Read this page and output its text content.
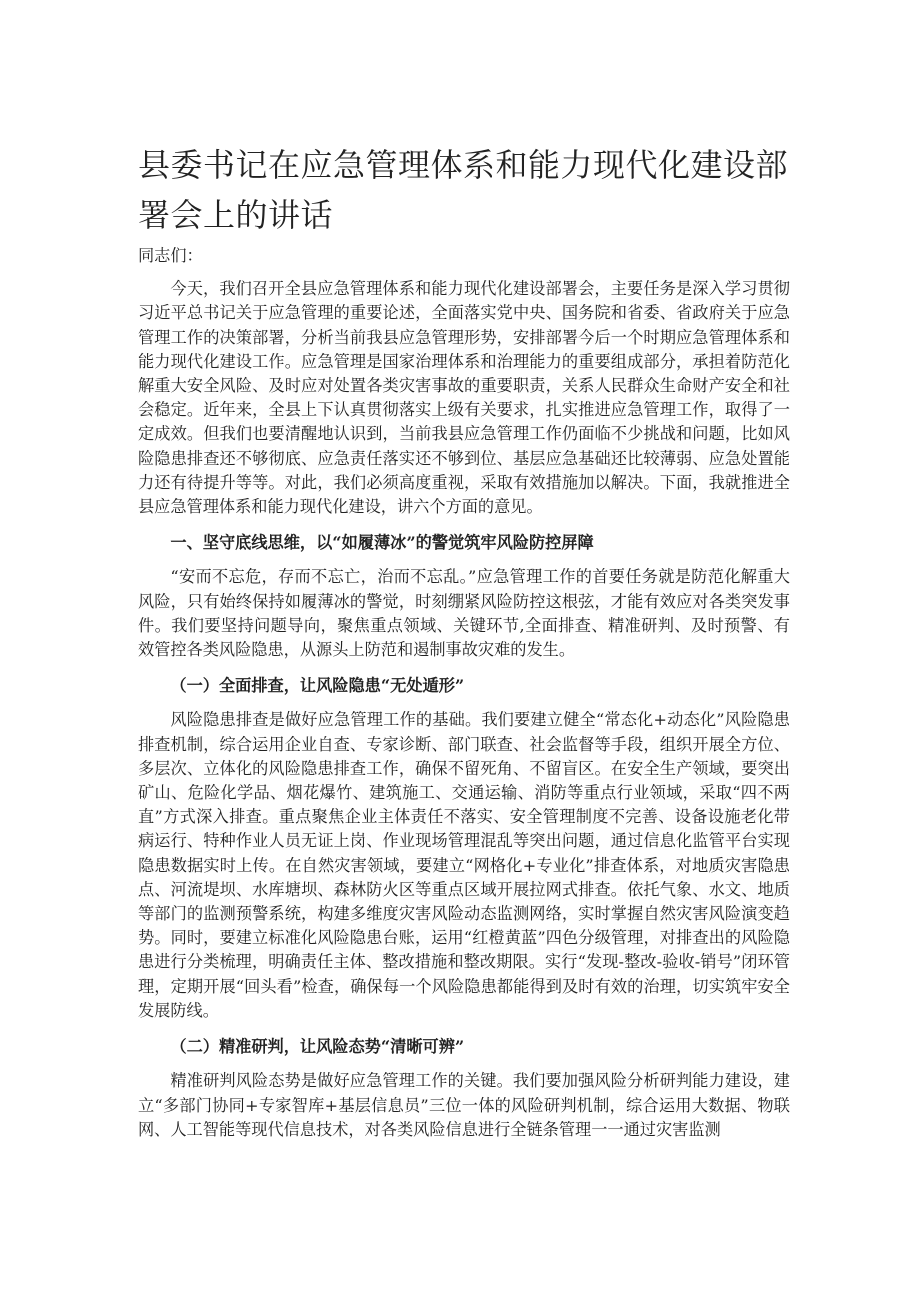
县委书记在应急管理体系和能力现代化建设部署会上的讲话

同志们：

今天，我们召开全县应急管理体系和能力现代化建设部署会，主要任务是深入学习贯彻习近平总书记关于应急管理的重要论述，全面落实党中央、国务院和省委、省政府关于应急管理工作的决策部署，分析当前我县应急管理形势，安排部署今后一个时期应急管理体系和能力现代化建设工作。应急管理是国家治理体系和治理能力的重要组成部分，承担着防范化解重大安全风险、及时应对处置各类灾害事故的重要职责，关系人民群众生命财产安全和社会稳定。近年来，全县上下认真贯彻落实上级有关要求，扎实推进应急管理工作，取得了一定成效。但我们也要清醒地认识到，当前我县应急管理工作仍面临不少挑战和问题，比如风险隐患排查还不够彻底、应急责任落实还不够到位、基层应急基础还比较薄弱、应急处置能力还有待提升等等。对此，我们必须高度重视，采取有效措施加以解决。下面，我就推进全县应急管理体系和能力现代化建设，讲六个方面的意见。

一、坚守底线思维，以“如履薄冰”的警觉筑牢风险防控屏障

“安而不忘危，存而不忘亡，治而不忘乱。”应急管理工作的首要任务就是防范化解重大风险，只有始终保持如履薄冰的警觉，时刻绷紧风险防控这根弦，才能有效应对各类突发事件。我们要坚持问题导向，聚焦重点领域、关键环节,全面排查、精准研判、及时预警、有效管控各类风险隐患，从源头上防范和遏制事故灾难的发生。

（一）全面排查，让风险隐患“无处遁形”

风险隐患排查是做好应急管理工作的基础。我们要建立健全“常态化+动态化”风险隐患排查机制，综合运用企业自查、专家诊断、部门联查、社会监督等手段，组织开展全方位、多层次、立体化的风险隐患排查工作，确保不留死角、不留盲区。在安全生产领域，要突出矿山、危险化学品、烟花爆竹、建筑施工、交通运输、消防等重点行业领域，采取“四不两直”方式深入排查。重点聚焦企业主体责任不落实、安全管理制度不完善、设备设施老化带病运行、特种作业人员无证上岗、作业现场管理混乱等突出问题，通过信息化监管平台实现隐患数据实时上传。在自然灾害领域，要建立“网格化+专业化”排查体系，对地质灾害隐患点、河流堤坝、水库塘坝、森林防火区等重点区域开展拉网式排查。依托气象、水文、地质等部门的监测预警系统，构建多维度灾害风险动态监测网络，实时掌握自然灾害风险演变趋势。同时，要建立标准化风险隐患台账，运用“红橙黄蓝”四色分级管理，对排查出的风险隐患进行分类梳理，明确责任主体、整改措施和整改期限。实行“发现-整改-验收-销号”闭环管理，定期开展“回头看”检查，确保每一个风险隐患都能得到及时有效的治理，切实筑牢安全发展防线。

（二）精准研判，让风险态势“清晰可辨”

精准研判风险态势是做好应急管理工作的关键。我们要加强风险分析研判能力建设，建立“多部门协同+专家智库+基层信息员”三位一体的风险研判机制，综合运用大数据、物联网、人工智能等现代信息技术，对各类风险信息进行全链条管理一一通过灾害监测
